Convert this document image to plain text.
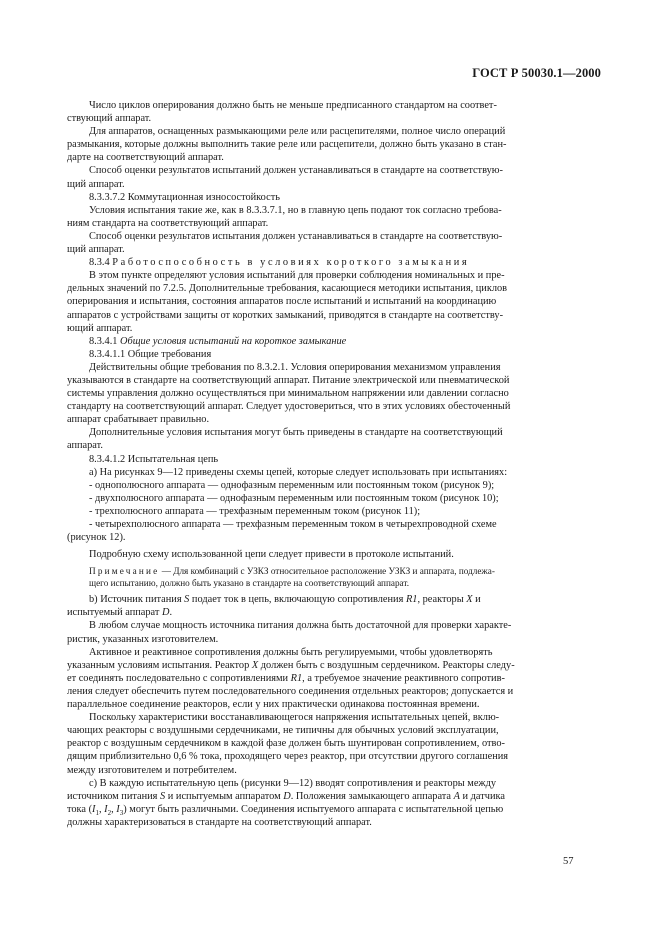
ГОСТ Р 50030.1—2000

Число циклов оперирования должно быть не меньше предписанного стандартом на соответ-

ствующий аппарат.

Для аппаратов, оснащенных размыкающими реле или расцепителями, полное число операций

размыкания, которые должны выполнить такие реле или расцепители, должно быть указано в стан-

дарте на соответствующий аппарат.

Способ оценки результатов испытаний должен устанавливаться в стандарте на соответствую-

щий аппарат.

8.3.3.7.2 Коммутационная износостойкость

Условия испытания такие же, как в 8.3.3.7.1, но в главную цепь подают ток согласно требова-

ниям стандарта на соответствующий аппарат.

Способ оценки результатов испытания должен устанавливаться в стандарте на соответствую-

щий аппарат.

8.3.4 Работоспособность в условиях короткого замыкания

В этом пункте определяют условия испытаний для проверки соблюдения номинальных и пре-

дельных значений по 7.2.5. Дополнительные требования, касающиеся методики испытания, циклов

оперирования и испытания, состояния аппаратов после испытаний и испытаний на координацию

аппаратов с устройствами защиты от коротких замыканий, приводятся в стандарте на соответству-

ющий аппарат.

8.3.4.1 Общие условия испытаний на короткое замыкание

8.3.4.1.1 Общие требования

Действительны общие требования по 8.3.2.1. Условия оперирования механизмом управления

указываются в стандарте на соответствующий аппарат. Питание электрической или пневматической

системы управления должно осуществляться при минимальном напряжении или давлении согласно

стандарту на соответствующий аппарат. Следует удостовериться, что в этих условиях обесточенный

аппарат срабатывает правильно.

Дополнительные условия испытания могут быть приведены в стандарте на соответствующий

аппарат.

8.3.4.1.2 Испытательная цепь

а) На рисунках 9—12 приведены схемы цепей, которые следует использовать при испытаниях:

- однополюсного аппарата — однофазным переменным или постоянным током (рисунок 9);

- двухполюсного аппарата — однофазным переменным или постоянным током (рисунок 10);

- трехполюсного аппарата — трехфазным переменным током (рисунок 11);

- четырехполюсного аппарата — трехфазным переменным током в четырехпроводной схеме

(рисунок 12).

Подробную схему использованной цепи следует привести в протоколе испытаний.

Примечание — Для комбинаций с УЗКЗ относительное расположение УЗКЗ и аппарата, подлежа-

щего испытанию, должно быть указано в стандарте на соответствующий аппарат.

b) Источник питания S подает ток в цепь, включающую сопротивления R1, реакторы X и

испытуемый аппарат D.

В любом случае мощность источника питания должна быть достаточной для проверки характе-

ристик, указанных изготовителем.

Активное и реактивное сопротивления должны быть регулируемыми, чтобы удовлетворять

указанным условиям испытания. Реактор X должен быть с воздушным сердечником. Реакторы следу-

ет соединять последовательно с сопротивлениями R1, а требуемое значение реактивного сопротив-

ления следует обеспечить путем последовательного соединения отдельных реакторов; допускается и

параллельное соединение реакторов, если у них практически одинакова постоянная времени.

Поскольку характеристики восстанавливающегося напряжения испытательных цепей, вклю-

чающих реакторы с воздушными сердечниками, не типичны для обычных условий эксплуатации,

реактор с воздушным сердечником в каждой фазе должен быть шунтирован сопротивлением, отво-

дящим приблизительно 0,6 % тока, проходящего через реактор, при отсутствии другого соглашения

между изготовителем и потребителем.

с) В каждую испытательную цепь (рисунки 9—12) вводят сопротивления и реакторы между

источником питания S и испытуемым аппаратом D. Положения замыкающего аппарата A и датчика

тока ($I_1$, $I_2$, $I_3$) могут быть различными. Соединения испытуемого аппарата с испытательной цепью

должны характеризоваться в стандарте на соответствующий аппарат.

57
